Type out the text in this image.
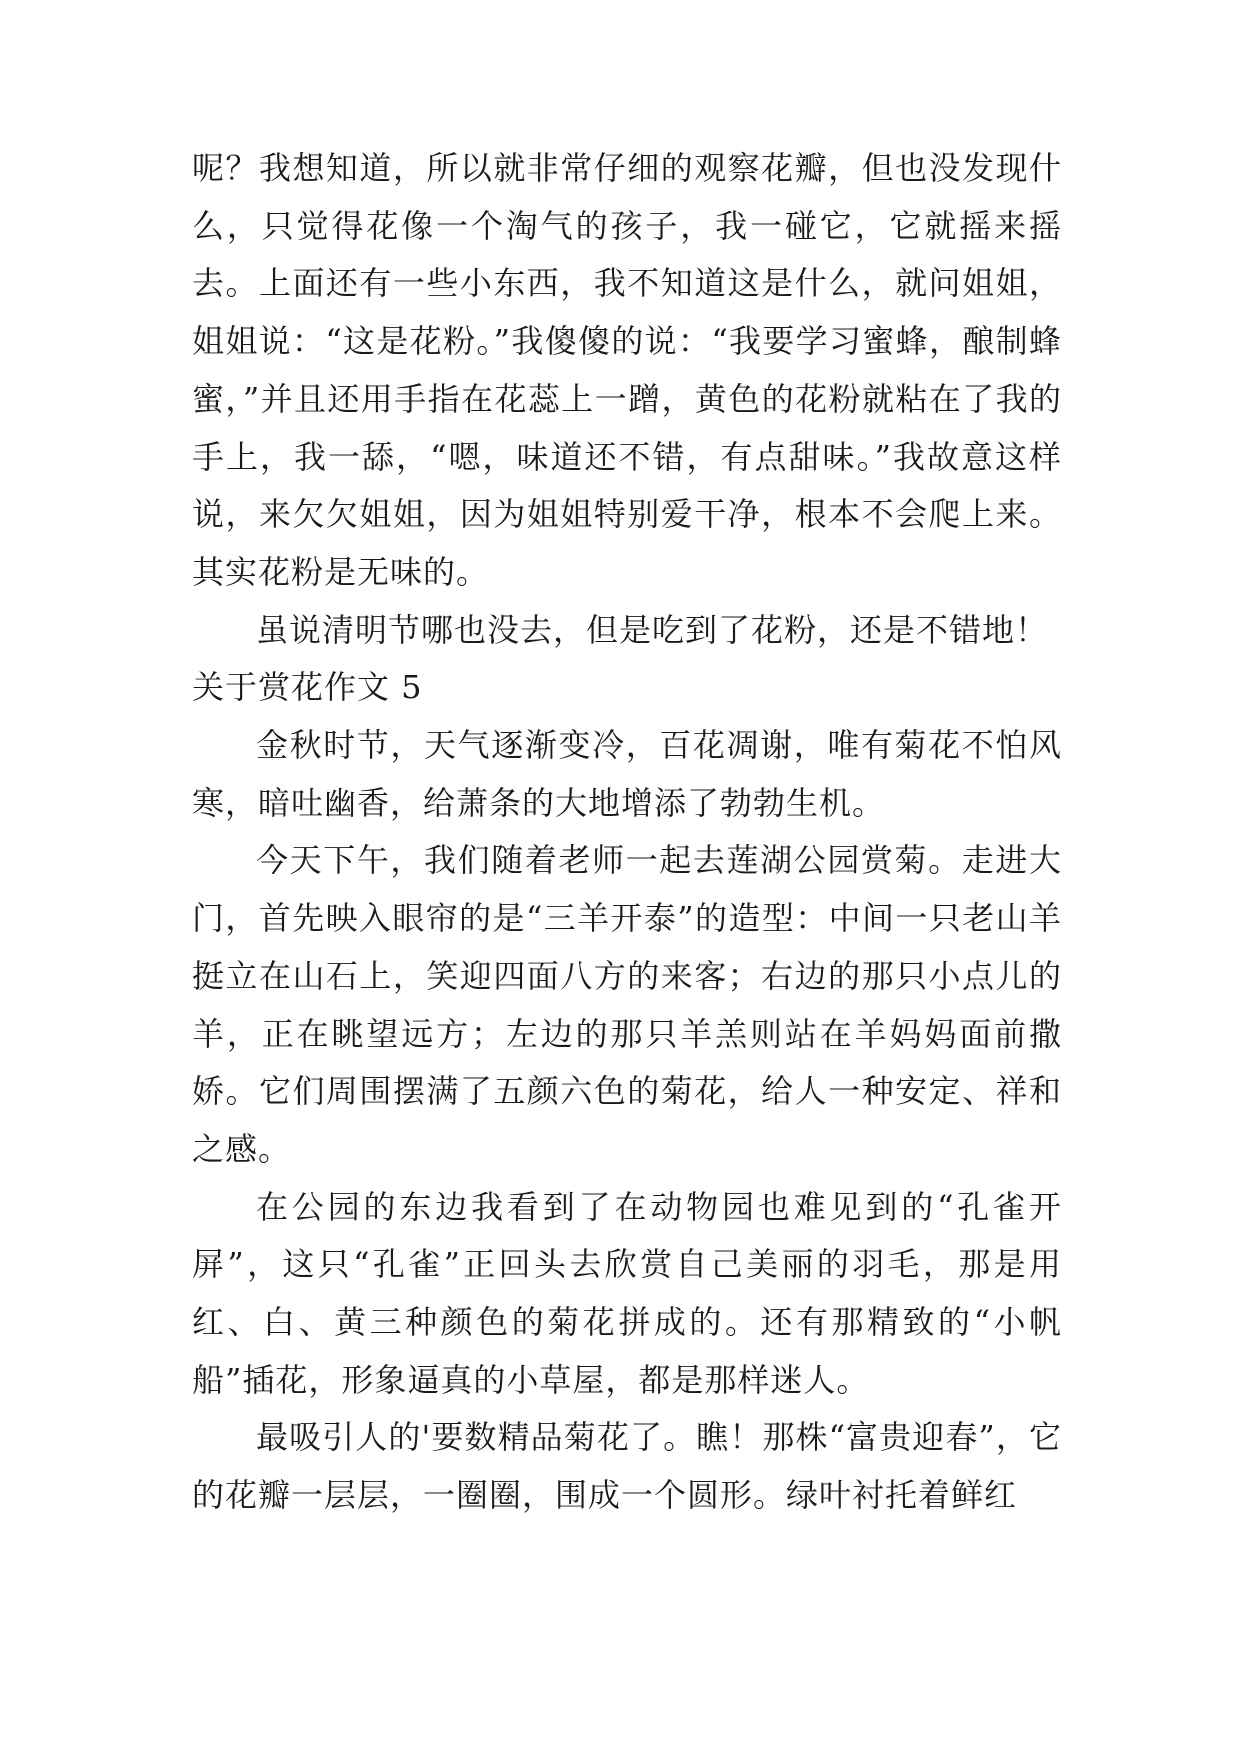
呢？我想知道，所以就非常仔细的观察花瓣，但也没发现什么，只觉得花像一个淘气的孩子，我一碰它，它就摇来摇去。上面还有一些小东西，我不知道这是什么，就问姐姐，姐姐说：“这是花粉。”我傻傻的说：“我要学习蜜蜂，酿制蜂蜜，”并且还用手指在花蕊上一蹭，黄色的花粉就粘在了我的手上，我一舔，“嗯，味道还不错，有点甜味。”我故意这样说，来欠欠姐姐，因为姐姐特别爱干净，根本不会爬上来。其实花粉是无味的。

虽说清明节哪也没去，但是吃到了花粉，还是不错地！

关于赏花作文 5

金秋时节，天气逐渐变冷，百花凋谢，唯有菊花不怕风寒，暗吐幽香，给萧条的大地增添了勃勃生机。

今天下午，我们随着老师一起去莲湖公园赏菊。走进大门，首先映入眼帘的是“三羊开泰”的造型：中间一只老山羊挺立在山石上，笑迎四面八方的来客；右边的那只小点儿的羊，正在眺望远方；左边的那只羊羔则站在羊妈妈面前撒娇。它们周围摆满了五颜六色的菊花，给人一种安定、祥和之感。

在公园的东边我看到了在动物园也难见到的“孔雀开屏”，这只“孔雀”正回头去欣赏自己美丽的羽毛，那是用红、白、黄三种颜色的菊花拼成的。还有那精致的“小帆船”插花，形象逼真的小草屋，都是那样迷人。

最吸引人的'要数精品菊花了。瞧！那株“富贵迎春”，它的花瓣一层层，一圈圈，围成一个圆形。绿叶衬托着鲜红
